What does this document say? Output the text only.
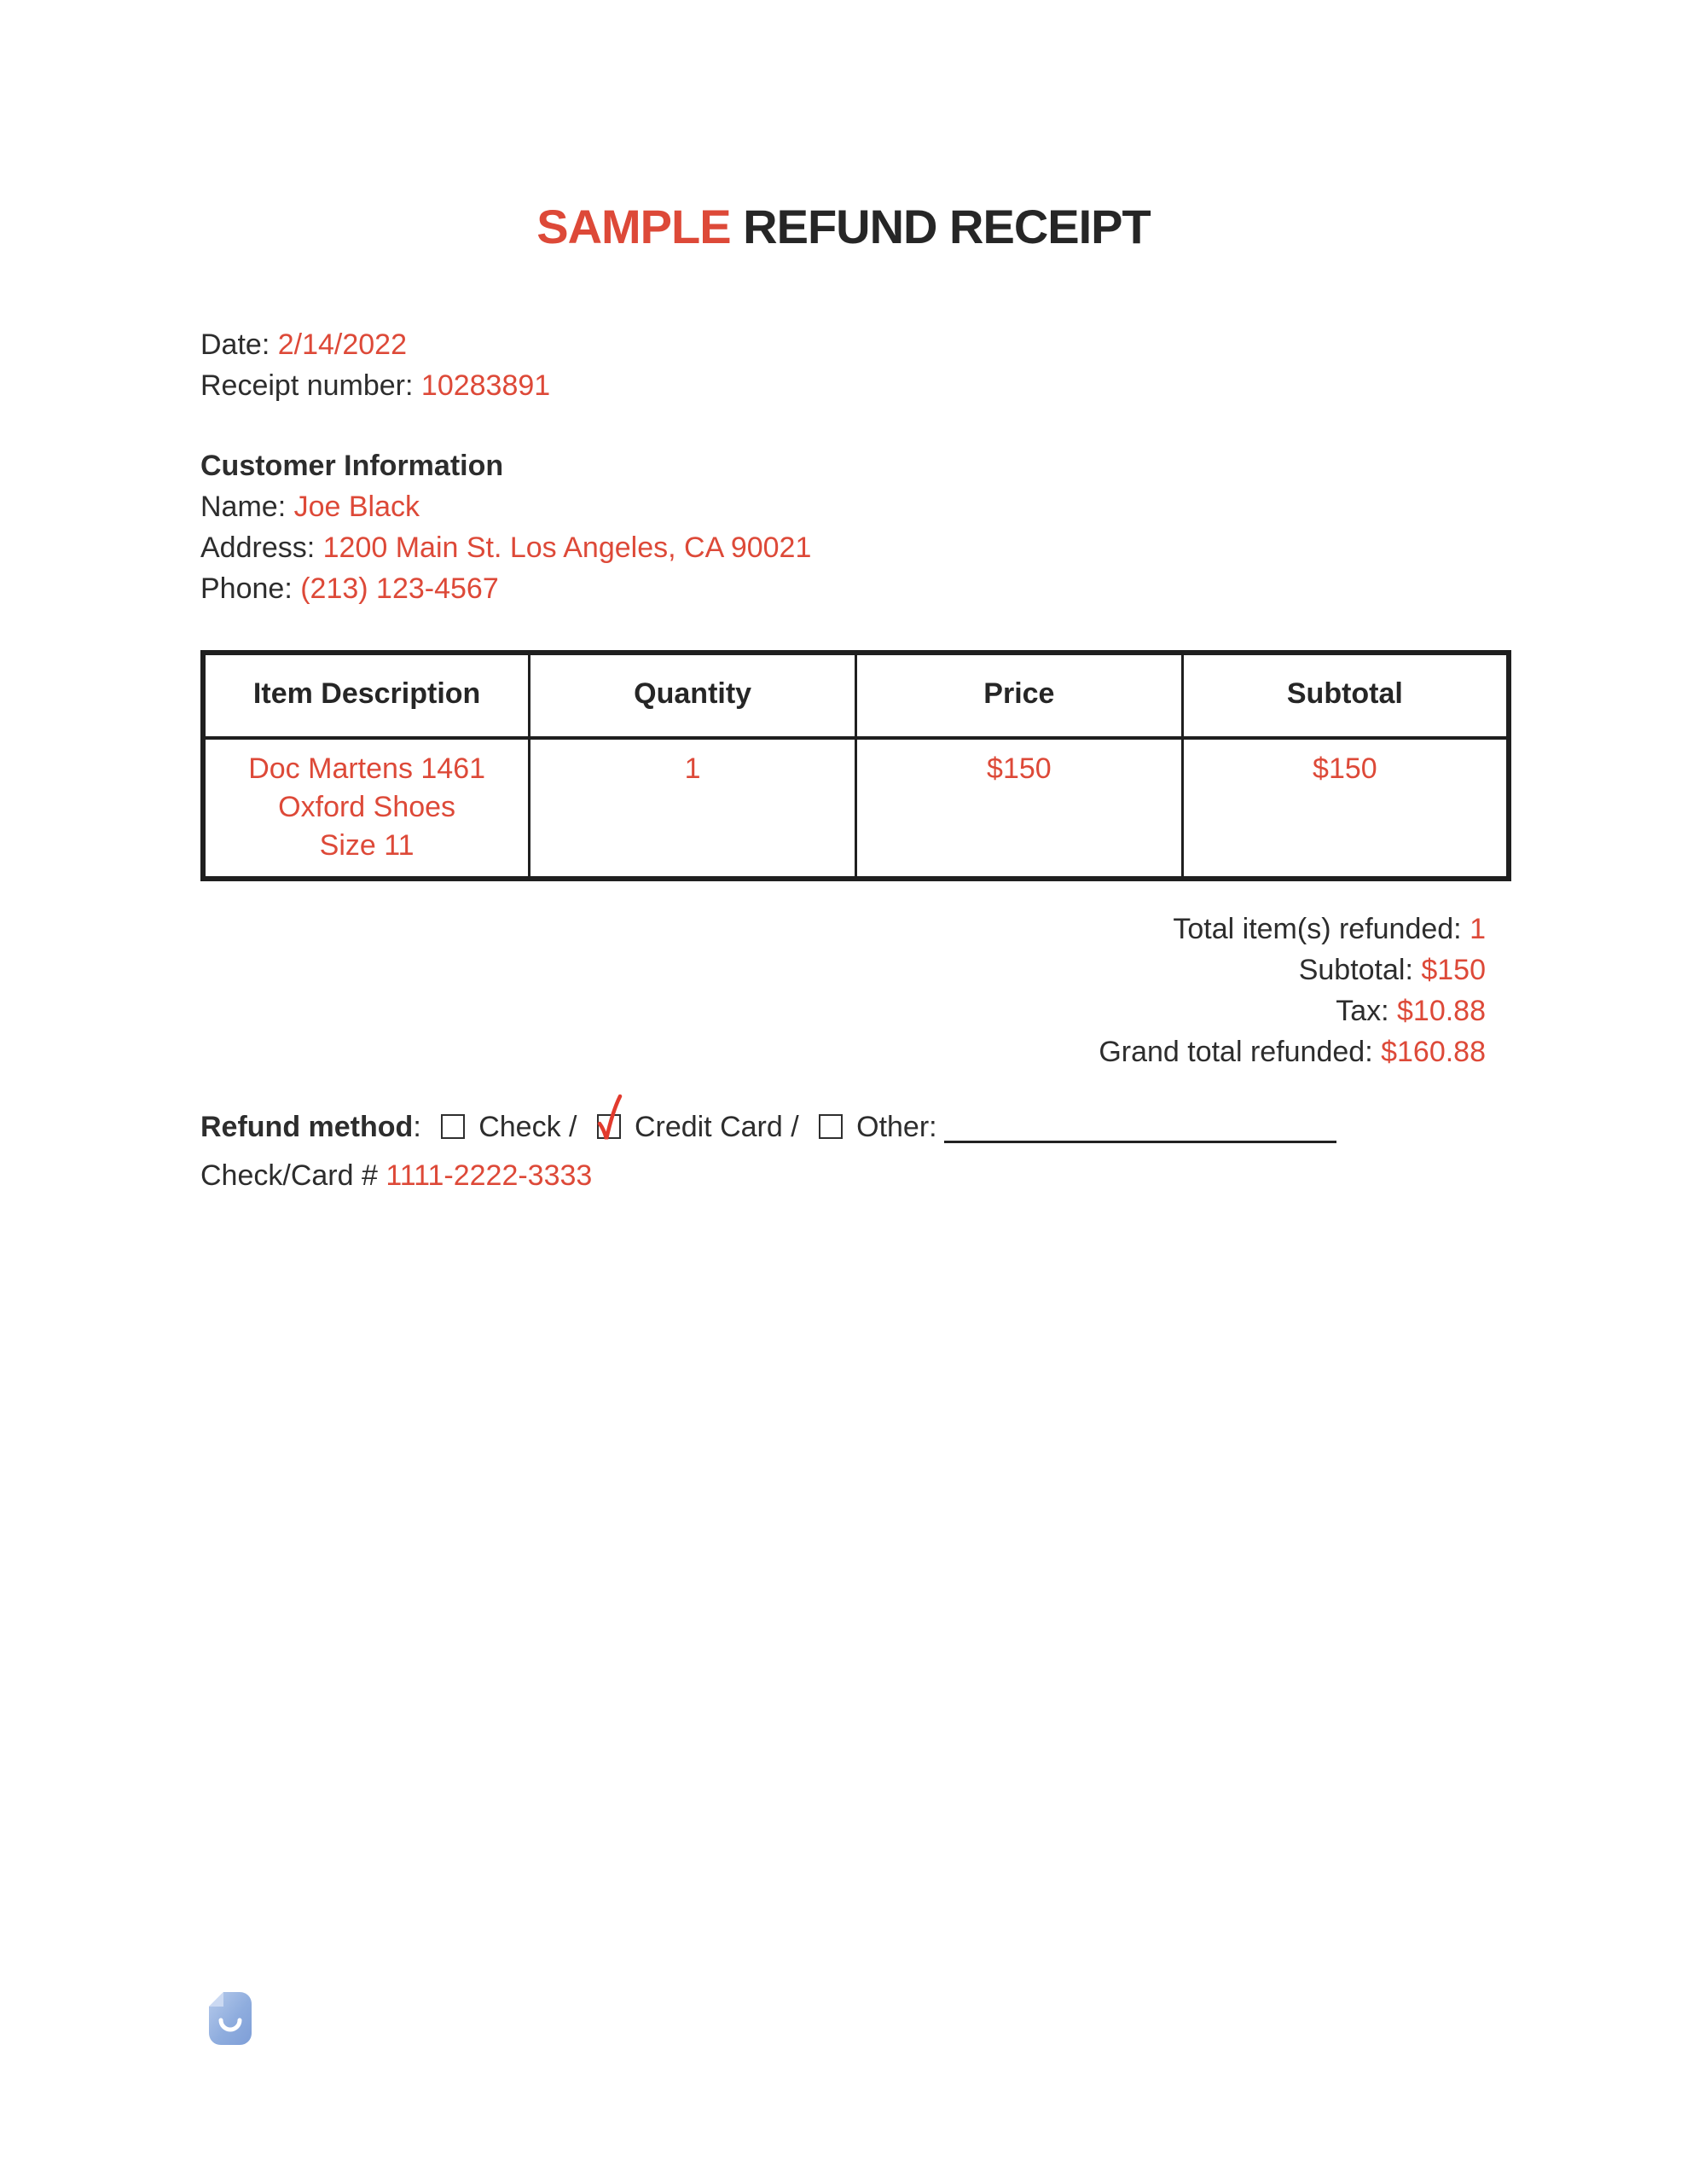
SAMPLE REFUND RECEIPT
Date: 2/14/2022
Receipt number: 10283891
Customer Information
Name: Joe Black
Address: 1200 Main St. Los Angeles, CA 90021
Phone: (213) 123-4567
Item Description	Quantity	Price	Subtotal

Doc Martens 1461
Oxford Shoes
Size 11	1	$150	$150
Total item(s) refunded: 1
Subtotal: $150
Tax: $10.88
Grand total refunded: $160.88
Refund method: Check /
Credit Card / Other:
Check/Card # 1111-2222-3333
